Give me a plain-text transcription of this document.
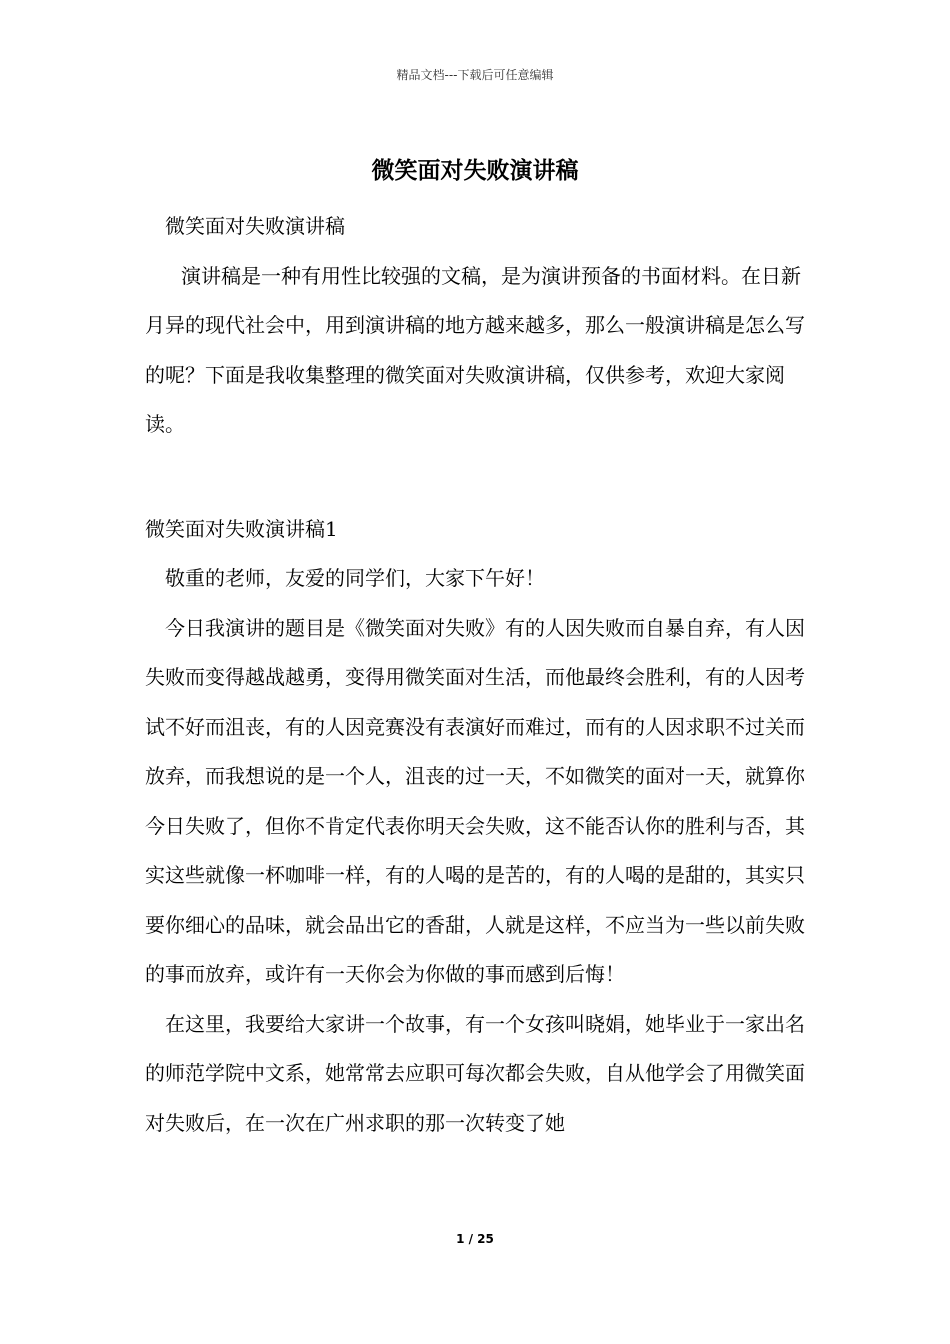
精品文档---下载后可任意编辑
微笑面对失败演讲稿

微笑面对失败演讲稿

演讲稿是一种有用性比较强的文稿，是为演讲预备的书面材料。在日新月异的现代社会中，用到演讲稿的地方越来越多，那么一般演讲稿是怎么写的呢？下面是我收集整理的微笑面对失败演讲稿，仅供参考，欢迎大家阅读。

微笑面对失败演讲稿1

敬重的老师，友爱的同学们，大家下午好！

今日我演讲的题目是《微笑面对失败》有的人因失败而自暴自弃，有人因失败而变得越战越勇，变得用微笑面对生活，而他最终会胜利，有的人因考试不好而沮丧，有的人因竞赛没有表演好而难过，而有的人因求职不过关而放弃，而我想说的是一个人，沮丧的过一天，不如微笑的面对一天，就算你今日失败了，但你不肯定代表你明天会失败，这不能否认你的胜利与否，其实这些就像一杯咖啡一样，有的人喝的是苦的，有的人喝的是甜的，其实只要你细心的品味，就会品出它的香甜，人就是这样，不应当为一些以前失败的事而放弃，或许有一天你会为你做的事而感到后悔！

在这里，我要给大家讲一个故事，有一个女孩叫晓娟，她毕业于一家出名的师范学院中文系，她常常去应职可每次都会失败，自从他学会了用微笑面对失败后，在一次在广州求职的那一次转变了她

1 / 25
